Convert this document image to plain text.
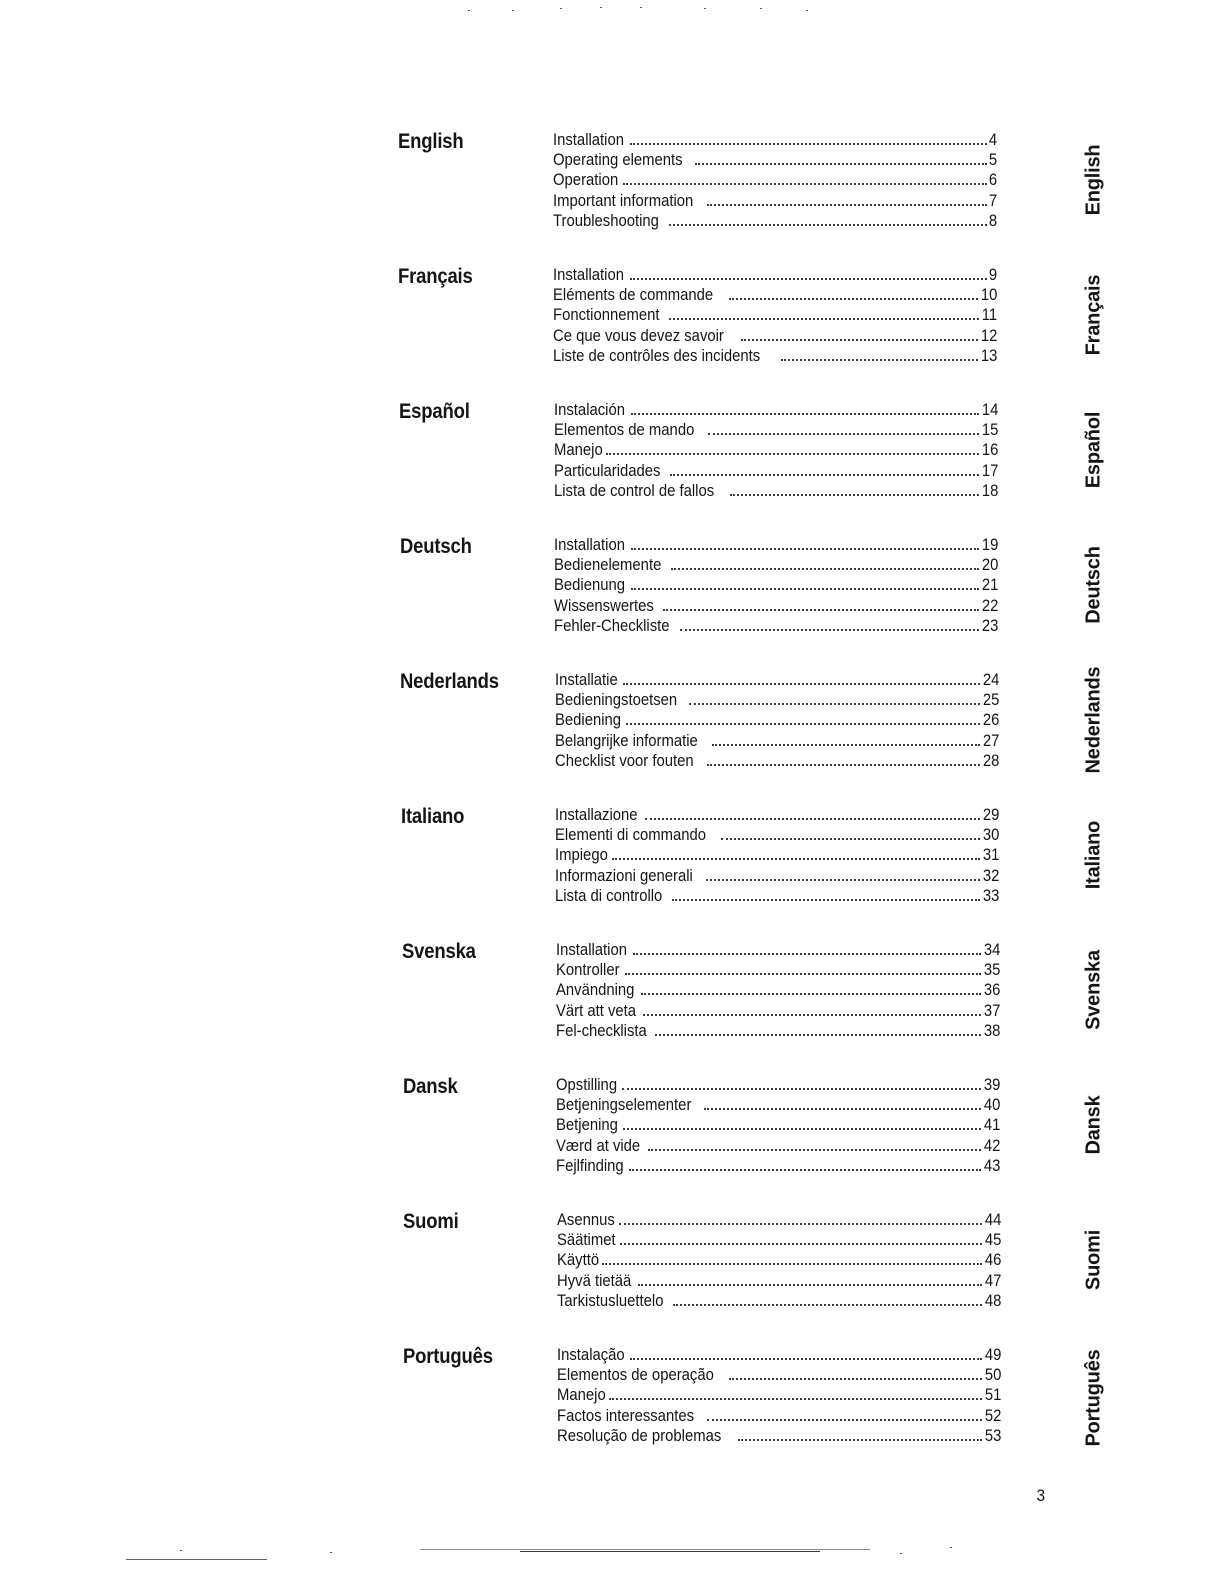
English	Installation	4
Operating elements	5
Operation	6
Important information	7
Troubleshooting	8
English
Français	Installation	9
Eléments de commande	10
Fonctionnement	11
Ce que vous devez savoir	12
Liste de contrôles des incidents	13
Français
Español	Instalación	14
Elementos de mando	15
Manejo	16
Particularidades	17
Lista de control de fallos	18
Español
Deutsch	Installation	19
Bedienelemente	20
Bedienung	21
Wissenswertes	22
Fehler-Checkliste	23
Deutsch
Nederlands	Installatie	24
Bedieningstoetsen	25
Bediening	26
Belangrijke informatie	27
Checklist voor fouten	28	Nederlands
Italiano	Installazione	29
Elementi di commando	30
Impiego	31
Informazioni generali	32
Lista di controllo	33
Italiano
Svenska	Installation	34
Kontroller	35
Användning	36
Värt att veta	37
Fel-checklista	38
Svenska
Dansk	Opstilling	39
Betjeningselementer	40
Betjening	41
Værd at vide	42
Fejlfinding	43
Dansk
Suomi	Asennus	44
Säätimet	45
Käyttö	46
Hyvä tietää	47
Tarkistusluettelo	48
Suomi
Português	Instalação	49
Elementos de operação	50
Manejo	51
Factos interessantes	52
Resolução de problemas	53	Português
3
